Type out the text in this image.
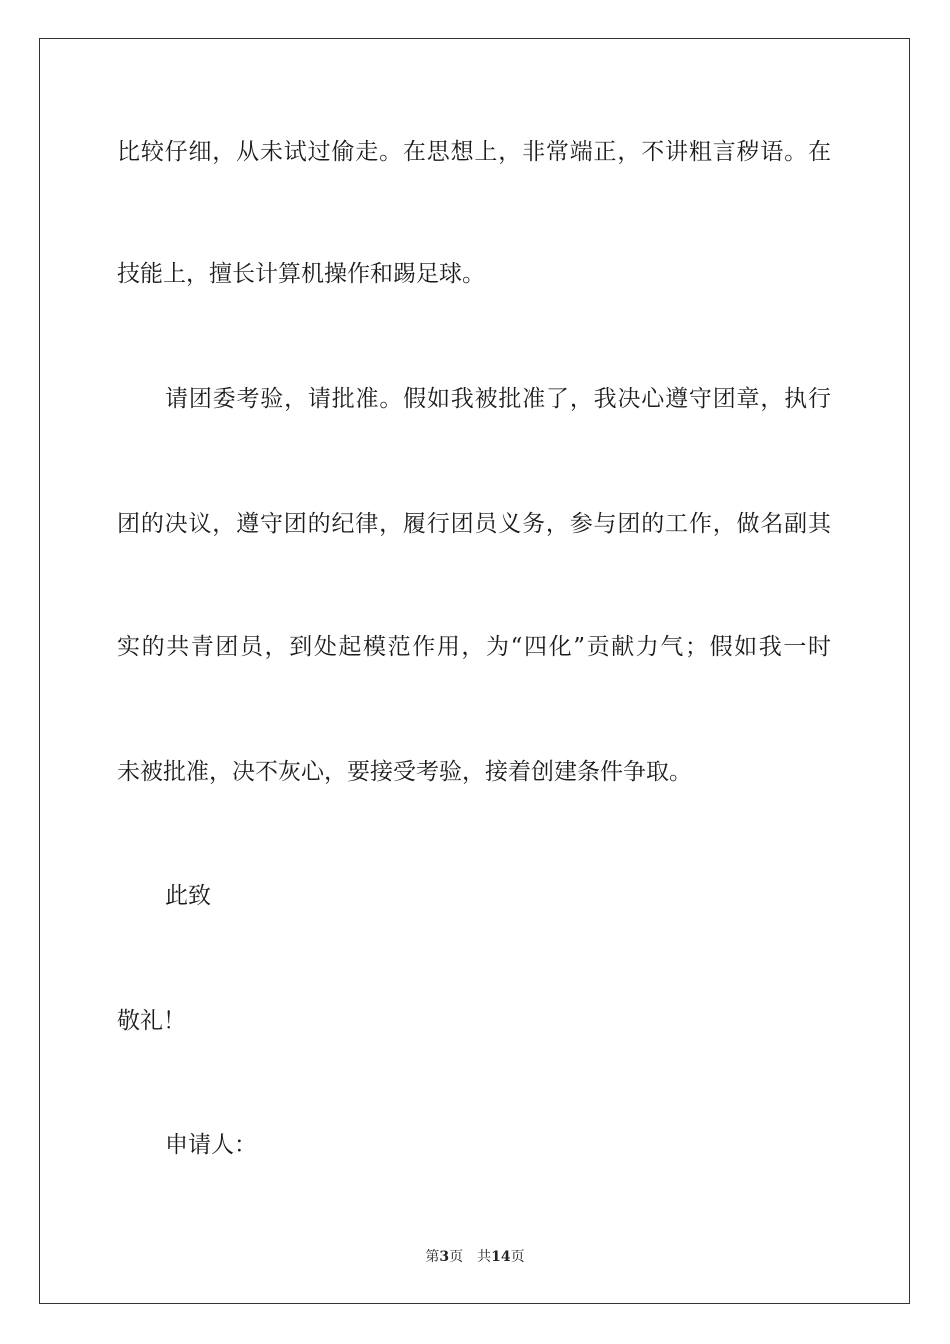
比较仔细，从未试过偷走。在思想上，非常端正，不讲粗言秽语。在
技能上，擅长计算机操作和踢足球。
请团委考验，请批准。假如我被批准了，我决心遵守团章，执行
团的决议，遵守团的纪律，履行团员义务，参与团的工作，做名副其
实的共青团员，到处起模范作用，为“四化”贡献力气；假如我一时
未被批准，决不灰心，要接受考验，接着创建条件争取。
此致
敬礼！
申请人：
第3页 共14页
